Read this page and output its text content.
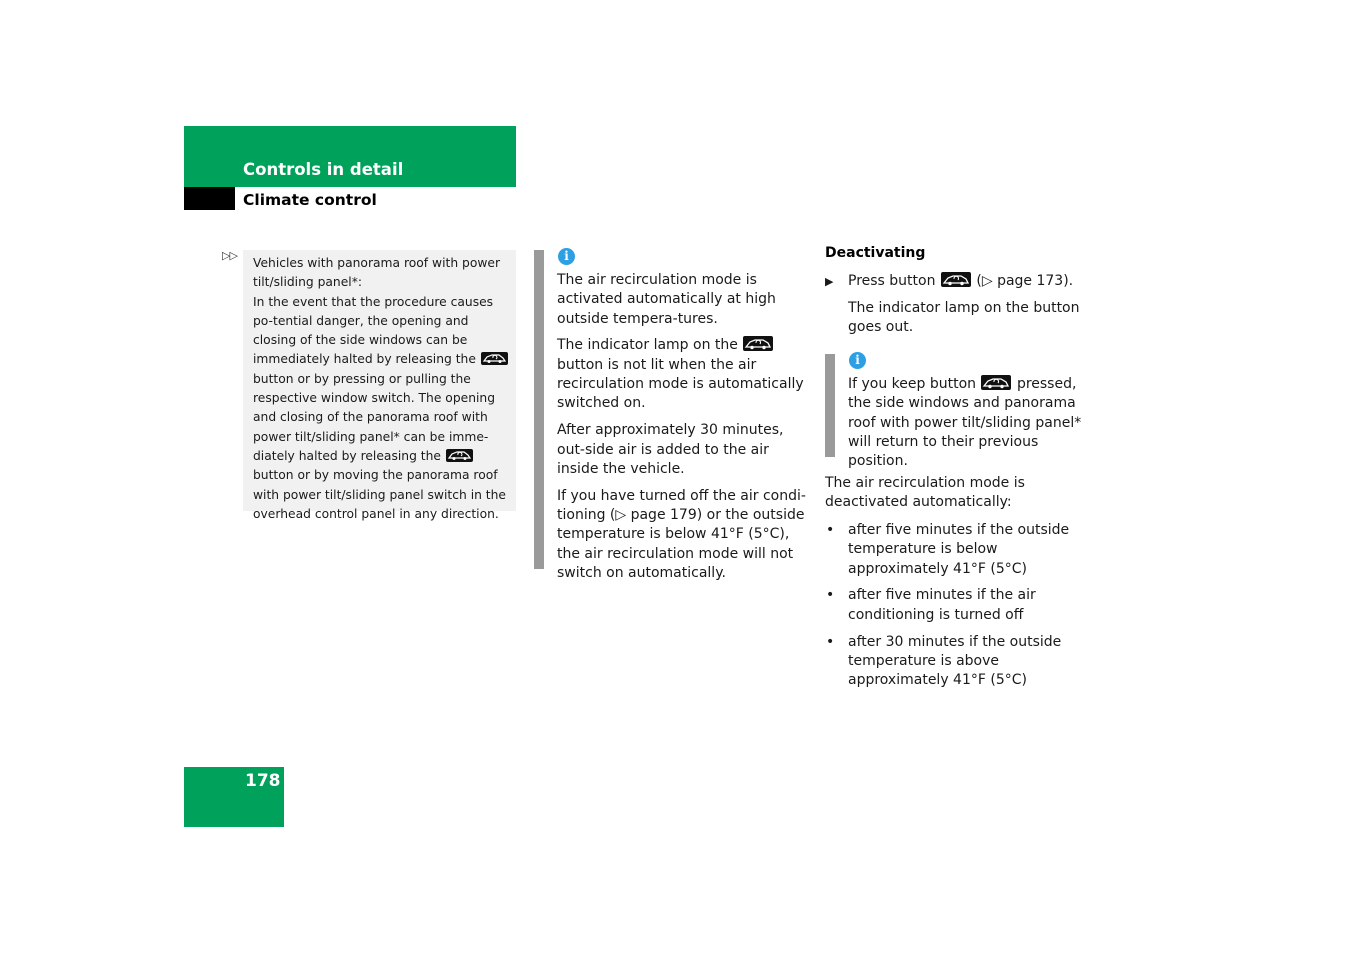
Controls in detail
Climate control
▷▷

Vehicles with panorama roof with power tilt/sliding panel*:

In the event that the procedure causes po-tential danger, the opening and closing of the side windows can be immediately halted by releasing the
button or by pressing or pulling the respective window switch. The opening and closing of the panorama roof with power tilt/sliding panel* can be imme-diately halted by releasing the
button or by moving the panorama roof with power tilt/sliding panel switch in the overhead control panel in any direction.

i

The air recirculation mode is activated automatically at high outside tempera-tures.

The indicator lamp on the
button is not lit when the air recirculation mode is automatically switched on.

After approximately 30 minutes, out-side air is added to the air inside the vehicle.

If you have turned off the air condi-tioning (▷ page 179) or the outside temperature is below 41°F (5°C), the air recirculation mode will not switch on automatically.

Deactivating
▶ Press button	(▷ page 173).
The indicator lamp on the button goes out.
i
If you keep button	pressed, the side windows and panorama roof with power tilt/sliding panel* will return to their previous position.
The air recirculation mode is deactivated automatically:
• after five minutes if the outside temperature is below approximately 41°F (5°C)
• after five minutes if the air conditioning is turned off
• after 30 minutes if the outside temperature is above approximately 41°F (5°C)
178
